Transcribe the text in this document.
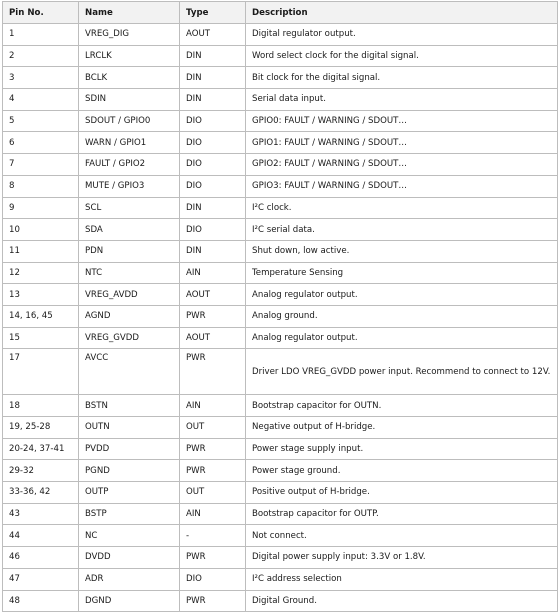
Pin No.	Name	Type	Description
1	VREG_DIG	AOUT	Digital regulator output.
2	LRCLK	DIN	Word select clock for the digital signal.
3	BCLK	DIN	Bit clock for the digital signal.
4	SDIN	DIN	Serial data input.
5	SDOUT / GPIO0	DIO	GPIO0: FAULT / WARNING / SDOUT…
6	WARN / GPIO1	DIO	GPIO1: FAULT / WARNING / SDOUT…
7	FAULT / GPIO2	DIO	GPIO2: FAULT / WARNING / SDOUT…
8	MUTE / GPIO3	DIO	GPIO3: FAULT / WARNING / SDOUT…
9	SCL	DIN	I²C clock.
10	SDA	DIO	I²C serial data.
11	PDN	DIN	Shut down, low active.
12	NTC	AIN	Temperature Sensing
13	VREG_AVDD	AOUT	Analog regulator output.
14, 16, 45	AGND	PWR	Analog ground.
15	VREG_GVDD	AOUT	Analog regulator output.
17	AVCC	PWR	Driver LDO VREG_GVDD power input. Recommend to connect to 12V.
18	BSTN	AIN	Bootstrap capacitor for OUTN.
19, 25-28	OUTN	OUT	Negative output of H-bridge.
20-24, 37-41	PVDD	PWR	Power stage supply input.
29-32	PGND	PWR	Power stage ground.
33-36, 42	OUTP	OUT	Positive output of H-bridge.
43	BSTP	AIN	Bootstrap capacitor for OUTP.
44	NC	-	Not connect.
46	DVDD	PWR	Digital power supply input: 3.3V or 1.8V.
47	ADR	DIO	I²C address selection
48	DGND	PWR	Digital Ground.
